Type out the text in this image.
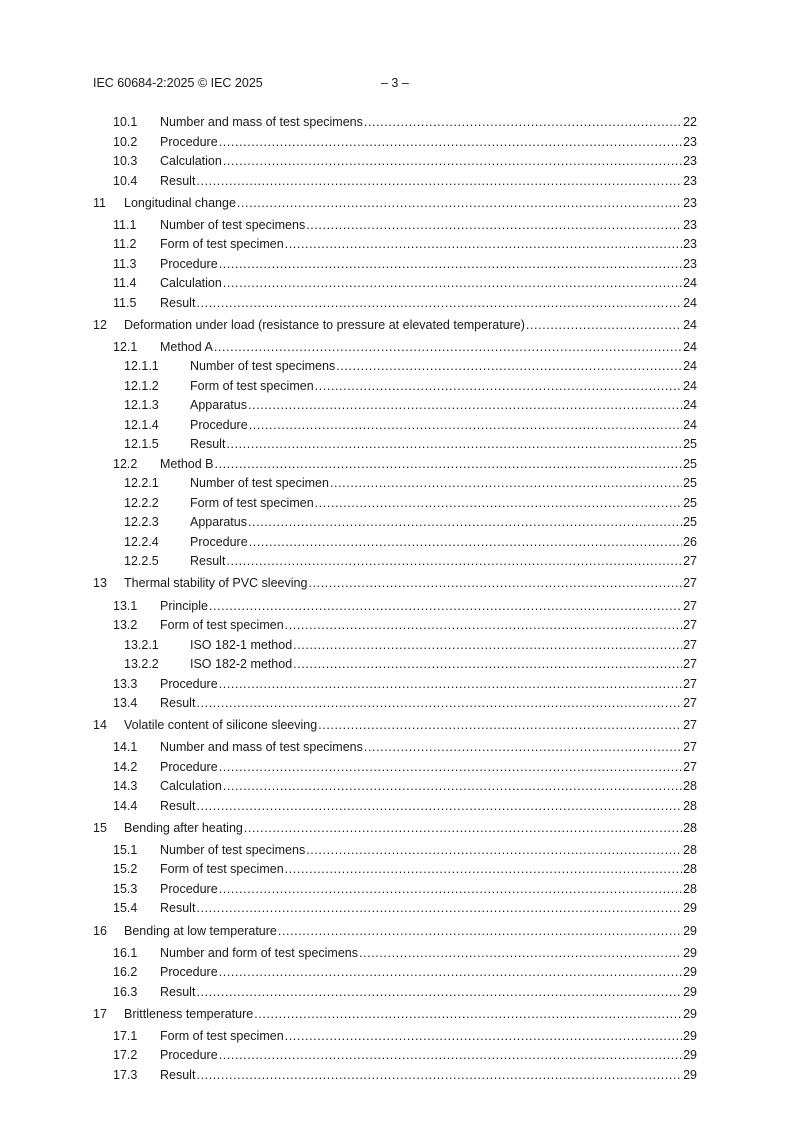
IEC 60684-2:2025 © IEC 2025	– 3 –
10.1	Number and mass of test specimens .....	22
10.2	Procedure .....	23
10.3	Calculation .....	23
10.4	Result .....	23
11	Longitudinal change .....	23
11.1	Number of test specimens .....	23
11.2	Form of test specimen .....	23
11.3	Procedure .....	23
11.4	Calculation .....	24
11.5	Result .....	24
12	Deformation under load (resistance to pressure at elevated temperature) .....	24
12.1	Method A .....	24
12.1.1	Number of test specimens .....	24
12.1.2	Form of test specimen .....	24
12.1.3	Apparatus .....	24
12.1.4	Procedure .....	24
12.1.5	Result .....	25
12.2	Method B .....	25
12.2.1	Number of test specimen .....	25
12.2.2	Form of test specimen .....	25
12.2.3	Apparatus .....	25
12.2.4	Procedure .....	26
12.2.5	Result .....	27
13	Thermal stability of PVC sleeving .....	27
13.1	Principle .....	27
13.2	Form of test specimen .....	27
13.2.1	ISO 182-1 method .....	27
13.2.2	ISO 182-2 method .....	27
13.3	Procedure .....	27
13.4	Result .....	27
14	Volatile content of silicone sleeving .....	27
14.1	Number and mass of test specimens .....	27
14.2	Procedure .....	27
14.3	Calculation .....	28
14.4	Result .....	28
15	Bending after heating .....	28
15.1	Number of test specimens .....	28
15.2	Form of test specimen .....	28
15.3	Procedure .....	28
15.4	Result .....	29
16	Bending at low temperature .....	29
16.1	Number and form of test specimens .....	29
16.2	Procedure .....	29
16.3	Result .....	29
17	Brittleness temperature .....	29
17.1	Form of test specimen .....	29
17.2	Procedure .....	29
17.3	Result .....	29
